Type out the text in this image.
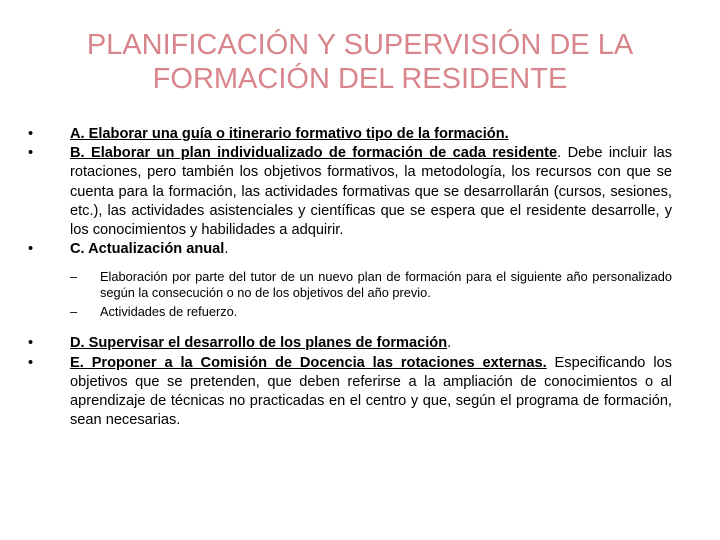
PLANIFICACIÓN Y SUPERVISIÓN DE LA
FORMACIÓN DEL RESIDENTE
•	A. Elaborar una guía o itinerario formativo tipo de la formación.
•	B. Elaborar un plan individualizado de formación de cada residente. Debe incluir las rotaciones, pero también los objetivos formativos, la metodología, los recursos con que se cuenta para la formación, las actividades formativas que se desarrollarán (cursos, sesiones, etc.), las actividades asistenciales y científicas que se espera que el residente desarrolle, y los conocimientos y habilidades a adquirir.
•	C. Actualización anual.
– Elaboración por parte del tutor de un nuevo plan de formación para el siguiente año personalizado según la consecución o no de los objetivos del año previo.
– Actividades de refuerzo.
•	D. Supervisar el desarrollo de los planes de formación.
•	E. Proponer a la Comisión de Docencia las rotaciones externas. Especificando los objetivos que se pretenden, que deben referirse a la ampliación de conocimientos o al aprendizaje de técnicas no practicadas en el centro y que, según el programa de formación, sean necesarias.
